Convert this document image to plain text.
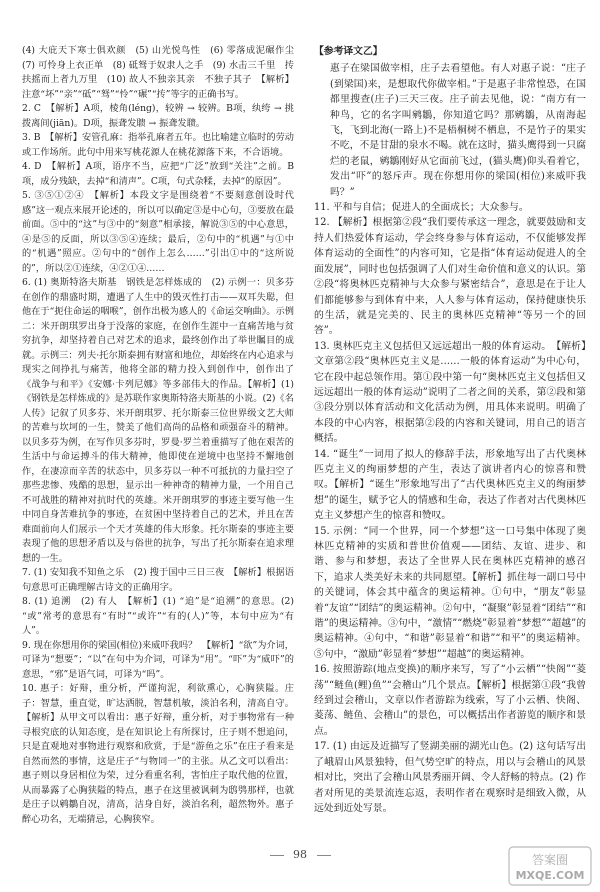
(4) 大庇天下寒士俱欢颜　(5) 山光悦鸟性　(6) 零落成泥碾作尘　(7) 可怜身上衣正单　(8) 砥驽于奴隶人之手　(9) 水击三千里　抟扶摇而上者九万里　(10) 故人不独亲其亲　不独子其子　【解析】注意“坏”“亲”“砥”“驽”“怜”“碾”“抟”等字的正确书写。

2. C　【解析】A项，棱角(léng)，较辨 → 较辨。B项，纨绔 → 挑拨离间(jiān)。D项，振聋发聩 → 振聋发聩。

3. B　【解析】安管孔麻：指举孔麻者五年。也比喻建立临时的劳动或工作场所。此句中用来写桃花源人在桃花源落下来，不合语境。

4. D　【解析】A项，语序不当，应把“广泛”放到“关注”之前。B项，成分残缺，去掉“和清声”。C项，句式杂糅，去掉“的原因”。

5. ③⑤①②④　【解析】本段文字是围绕着“不要刻意创设时代感”这一观点来展开论述的，所以可以确定③是中心句，③要放在最前面。⑤中的“这”与③中的“刻意”相承接，解说③⑤的中心意思，④是⑤的反面，所以③⑤④连续；最后，②句中的“机遇”与①中的“机遇”照应。②句中的“创作上怎么……”引出①中的“这所说的”，所以②①连续，④②①④……

6. (1) 奥斯特洛夫斯基　钢铁是怎样炼成的　(2) 示例一：贝多芬在创作的鼎盛时期，遭遇了人生中的毁灭性打击——双耳失聪，但他在于“扼住命运的咽喉”，创作出极为感人的《命运交响曲》。示例二：米开朗琪罗出身于没落的家庭，在创作生涯中一直痛苦地与贫穷抗争，却坚持着自己对艺术的追求，最终创作出了举世瞩目的成就。示例三：列夫·托尔斯泰拥有财富和地位，却始终在内心追求与现实之间挣扎与痛苦，他将全部的精力投入到创作中，创作出了《战争与和平》《安娜·卡列尼娜》等多部伟大的作品。【解析】(1)《钢铁是怎样炼成的》是苏联作家奥斯特洛夫斯基的小说。(2)《名人传》记叙了贝多芬、米开朗琪罗、托尔斯泰三位世界级文艺大师的苦难与坎坷的一生，赞美了他们高尚的品格和顽强奋斗的精神。以贝多芬为例，在写作贝多芬时，罗曼·罗兰着重描写了他在艰苦的生活中与命运搏斗的伟大精神，他即使在逆境中也坚持不懈地创作，在凄凉而辛苦的状态中，贝多芬以一种不可抵抗的力量扫空了那些悲惨、残酷的思想，显示出一种神奇的精神力量，一个用自己不可战胜的精神对抗时代的英雄。米开朗琪罗的事迹主要写他一生中同自身苦难抗争的事迹，在贫困中坚持着自己的艺术，并且在苦难面前向人们展示一个天才英雄的伟大形象。托尔斯泰的事迹主要表现了他的思想矛盾以及与俗世的抗争，写出了托尔斯泰在追求理想的一生。

7. (1) 安知我不知鱼之乐　(2) 搜于国中三日三夜　【解析】根据语句意思可正确理解古诗文的正确用字。

8. (1) 追溯　(2) 有人　【解析】(1) “追”是“追溯”的意思。(2) “或”常考的意思有“有时”“或许”“有的(人)”等，本句中应为“有人”。

9. 现在你想用你的梁国(相位)来威吓我吗？　【解析】“欲”为介词，可译为“想要”；“以”在句中为介词，可译为“用”。“吓”为“威吓”的意思，“邪”是语气词，可译为“吗”。

10. 惠子：好辩，重分析，严谨拘泥，利欲熏心，心胸狭隘。庄子：智慧，重直觉，旷达洒脱，智慧机敏，淡泊名利，清高自守。【解析】从甲文可以看出：惠子好辩，重分析，对于事物常有一种寻根究底的认知态度，是在知识论上有所探讨，庄子则不想追问，只是直观地对事物进行观察和欣赏，于是“游鱼之乐”在庄子看来是自然而然的事情，这是庄子“与物同一”的主张。从乙文可以看出：惠子则以身居相位为荣，过分看重名利，害怕庄子取代他的位置，从而暴露了心胸狭隘的特点，惠子在这里被讽刺为鸱鸮那样，也就是庄子以鹓鶵自况，清高，洁身自好，淡泊名利，超然物外。惠子醉心功名，无端猜忌，心胸狭窄。

【参考译文乙】

惠子在梁国做宰相，庄子去看望他。有人对惠子说：“庄子(到梁国)来，是想取代你做宰相。”于是惠子非常惶恐，在国都里搜查(庄子)三天三夜。庄子前去见他，说：“南方有一种鸟，它的名字叫鹓鶵，你知道它吗？那鹓鶵，从南海起飞，飞到北海(一路上)不是梧桐树不栖息，不是竹子的果实不吃，不是甘甜的泉水不喝。就在这时，猫头鹰得到一只腐烂的老鼠，鹓鶵刚好从它面前飞过，(猫头鹰)仰头看着它，发出“吓”的怒斥声。现在你想用你的梁国(相位)来威吓我吗？”

11. 平和与自信；促进人的全面成长；大众参与。

12. 【解析】根据第②段“我们要传承这一理念，就要鼓励和支持人们热爱体育运动，学会终身参与体育运动，不仅能够发挥体育运动的全面性”的内容可知，它是指“体育运动促进人的全面发展”，同时也包括强调了人们对生命价值和意义的认识。第②段“将奥林匹克精神与大众参与紧密结合”，意思是在于让人们都能够参与到体育中来，人人参与体育运动，保持健康快乐的生活，就是完美的、民主的奥林匹克精神“等另一个的回答”。

13. 奥林匹克主义包括但又远远超出一般的体育运动。　【解析】文章第②段“奥林匹克主义是……一般的体育运动”为中心句，它在段中起总领作用。第①段中第一句“奥林匹克主义包括但又远远超出一般的体育运动”说明了二者之间的关系，第②段和第③段分别以体育活动和文化活动为例，用具体来说明。明确了本段的中心内容，根据第②段的内容和关键词，用自己的语言概括。

14. “诞生”一词用了拟人的修辞手法，形象地写出了古代奥林匹克主义的绚丽梦想的产生，表达了演讲者内心的惊喜和赞叹。【解析】“诞生”形象地写出了“古代奥林匹克主义的绚丽梦想”的诞生，赋予它人的情感和生命，表达了作者对古代奥林匹克主义梦想产生的惊喜和赞叹。

15. 示例：“同一个世界，同一个梦想”这一口号集中体现了奥林匹克精神的实质和普世价值观——团结、友谊、进步、和谐、参与和梦想，表达了全世界人民在奥林匹克精神的感召下，追求人类美好未来的共同愿望。【解析】抓住每一副口号中的关键词，体会其中蕴含的奥运精神。①句中，“朋友”彰显着“友谊”“团结”的奥运精神。②句中，“凝聚”彰显着“团结”“和谐”的奥运精神。③句中，“激情”“燃烧”彰显着“梦想”“超越”的奥运精神。④句中，“和谐”彰显着“和谐”“和平”的奥运精神。⑤句中，“激励”彰显着“梦想”“超越”的奥运精神。

16. 按照游踪(地点变换)的顺序来写，写了“小云栖”“快阁”“菱荡”“鲢鱼(鲤)鱼”“会稽山”几个景点。【解析】根据第①段“我曾经到过会稽山，文章以作者游踪为线索，写了小云栖、快阁、菱荡、鲢鱼、会稽山”的景色，可以概括出作者游览的顺序和景点。

17. (1) 由远及近描写了竖湖美丽的湖光山色。(2) 这句话写出了峨眉山风景独特，但气势空旷的特点，用以与会稽山的风景相对比，突出了会稽山风景秀丽开阔、令人舒畅的特点。(2) 作者对所见的美景流连忘返，表明作者在观察时是细致入微，从远处到近处写景。

98	答案圈
MXQE.COM
